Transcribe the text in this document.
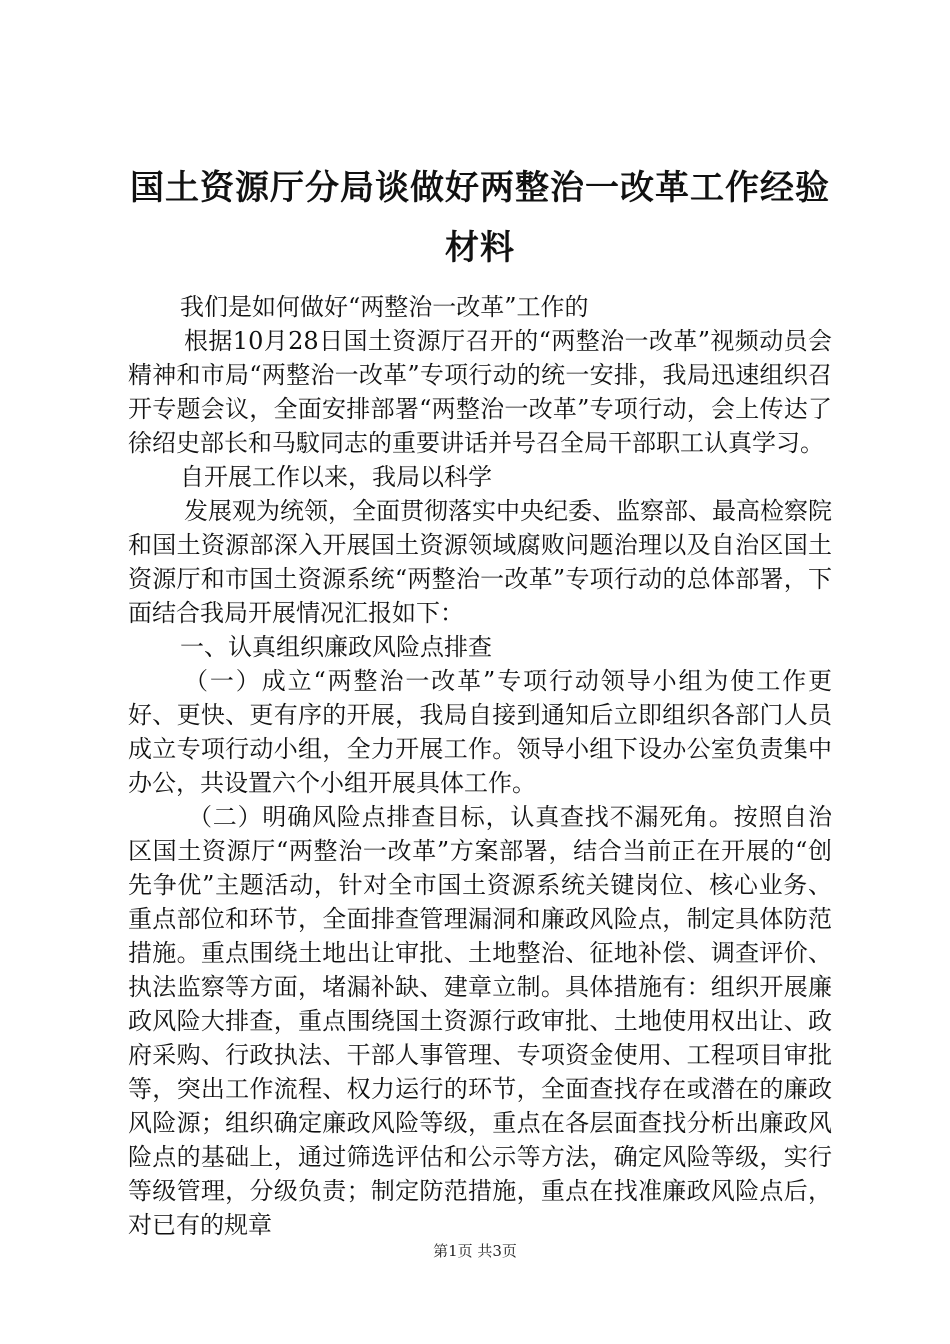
国土资源厅分局谈做好两整治一改革工作经验材料

我们是如何做好“两整治一改革”工作的

根据10月28日国土资源厅召开的“两整治一改革”视频动员会精神和市局“两整治一改革”专项行动的统一安排，我局迅速组织召开专题会议，全面安排部署“两整治一改革”专项行动，会上传达了徐绍史部长和马馼同志的重要讲话并号召全局干部职工认真学习。

自开展工作以来，我局以科学

发展观为统领，全面贯彻落实中央纪委、监察部、最高检察院和国土资源部深入开展国土资源领域腐败问题治理以及自治区国土资源厅和市国土资源系统“两整治一改革”专项行动的总体部署，下面结合我局开展情况汇报如下：

一、认真组织廉政风险点排查

（一）成立“两整治一改革”专项行动领导小组为使工作更好、更快、更有序的开展，我局自接到通知后立即组织各部门人员成立专项行动小组，全力开展工作。领导小组下设办公室负责集中办公，共设置六个小组开展具体工作。

（二）明确风险点排查目标，认真查找不漏死角。按照自治区国土资源厅“两整治一改革”方案部署，结合当前正在开展的“创先争优”主题活动，针对全市国土资源系统关键岗位、核心业务、重点部位和环节，全面排查管理漏洞和廉政风险点，制定具体防范措施。重点围绕土地出让审批、土地整治、征地补偿、调查评价、执法监察等方面，堵漏补缺、建章立制。具体措施有：组织开展廉政风险大排查，重点围绕国土资源行政审批、土地使用权出让、政府采购、行政执法、干部人事管理、专项资金使用、工程项目审批等，突出工作流程、权力运行的环节，全面查找存在或潜在的廉政风险源；组织确定廉政风险等级，重点在各层面查找分析出廉政风险点的基础上，通过筛选评估和公示等方法，确定风险等级，实行等级管理，分级负责；制定防范措施，重点在找准廉政风险点后，对已有的规章

第1页 共3页
